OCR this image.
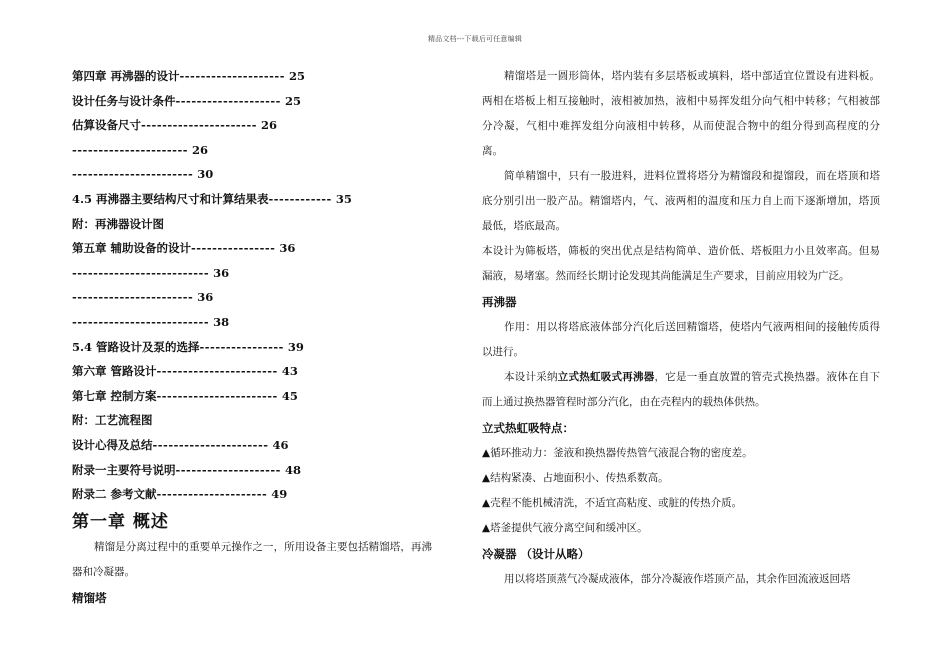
精品文档---下载后可任意编辑
第四章 再沸器的设计-------------------- 25
设计任务与设计条件-------------------- 25
估算设备尺寸---------------------- 26
---------------------- 26
----------------------- 30
4.5 再沸器主要结构尺寸和计算结果表------------ 35
附：再沸器设计图
第五章 辅助设备的设计---------------- 36
-------------------------- 36
----------------------- 36
-------------------------- 38
5.4 管路设计及泵的选择---------------- 39
第六章 管路设计----------------------- 43
第七章 控制方案----------------------- 45
附：工艺流程图
设计心得及总结---------------------- 46
附录一主要符号说明-------------------- 48
附录二 参考文献--------------------- 49
第一章 概述
精馏是分离过程中的重要单元操作之一，所用设备主要包括精馏塔，再沸器和冷凝器。
精馏塔
精馏塔是一圆形筒体，塔内装有多层塔板或填料，塔中部适宜位置设有进料板。两相在塔板上相互接触时，液相被加热，液相中易挥发组分向气相中转移；气相被部分冷凝，气相中难挥发组分向液相中转移，从而使混合物中的组分得到高程度的分离。
简单精馏中，只有一股进料，进料位置将塔分为精馏段和提馏段，而在塔顶和塔底分别引出一股产品。精馏塔内，气、液两相的温度和压力自上而下逐渐增加，塔顶最低，塔底最高。
本设计为筛板塔，筛板的突出优点是结构简单、造价低、塔板阻力小且效率高。但易漏液，易堵塞。然而经长期讨论发现其尚能满足生产要求，目前应用较为广泛。
再沸器
作用：用以将塔底液体部分汽化后送回精馏塔，使塔内气液两相间的接触传质得以进行。
本设计采纳立式热虹吸式再沸器，它是一垂直放置的管壳式换热器。液体在自下而上通过换热器管程时部分汽化，由在壳程内的载热体供热。
立式热虹吸特点：
▲循环推动力：釜液和换热器传热管气液混合物的密度差。
▲结构紧凑、占地面积小、传热系数高。
▲壳程不能机械清洗，不适宜高粘度、或脏的传热介质。
▲塔釜提供气液分离空间和缓冲区。
冷凝器 （设计从略）
用以将塔顶蒸气冷凝成液体，部分冷凝液作塔顶产品，其余作回流液返回塔
